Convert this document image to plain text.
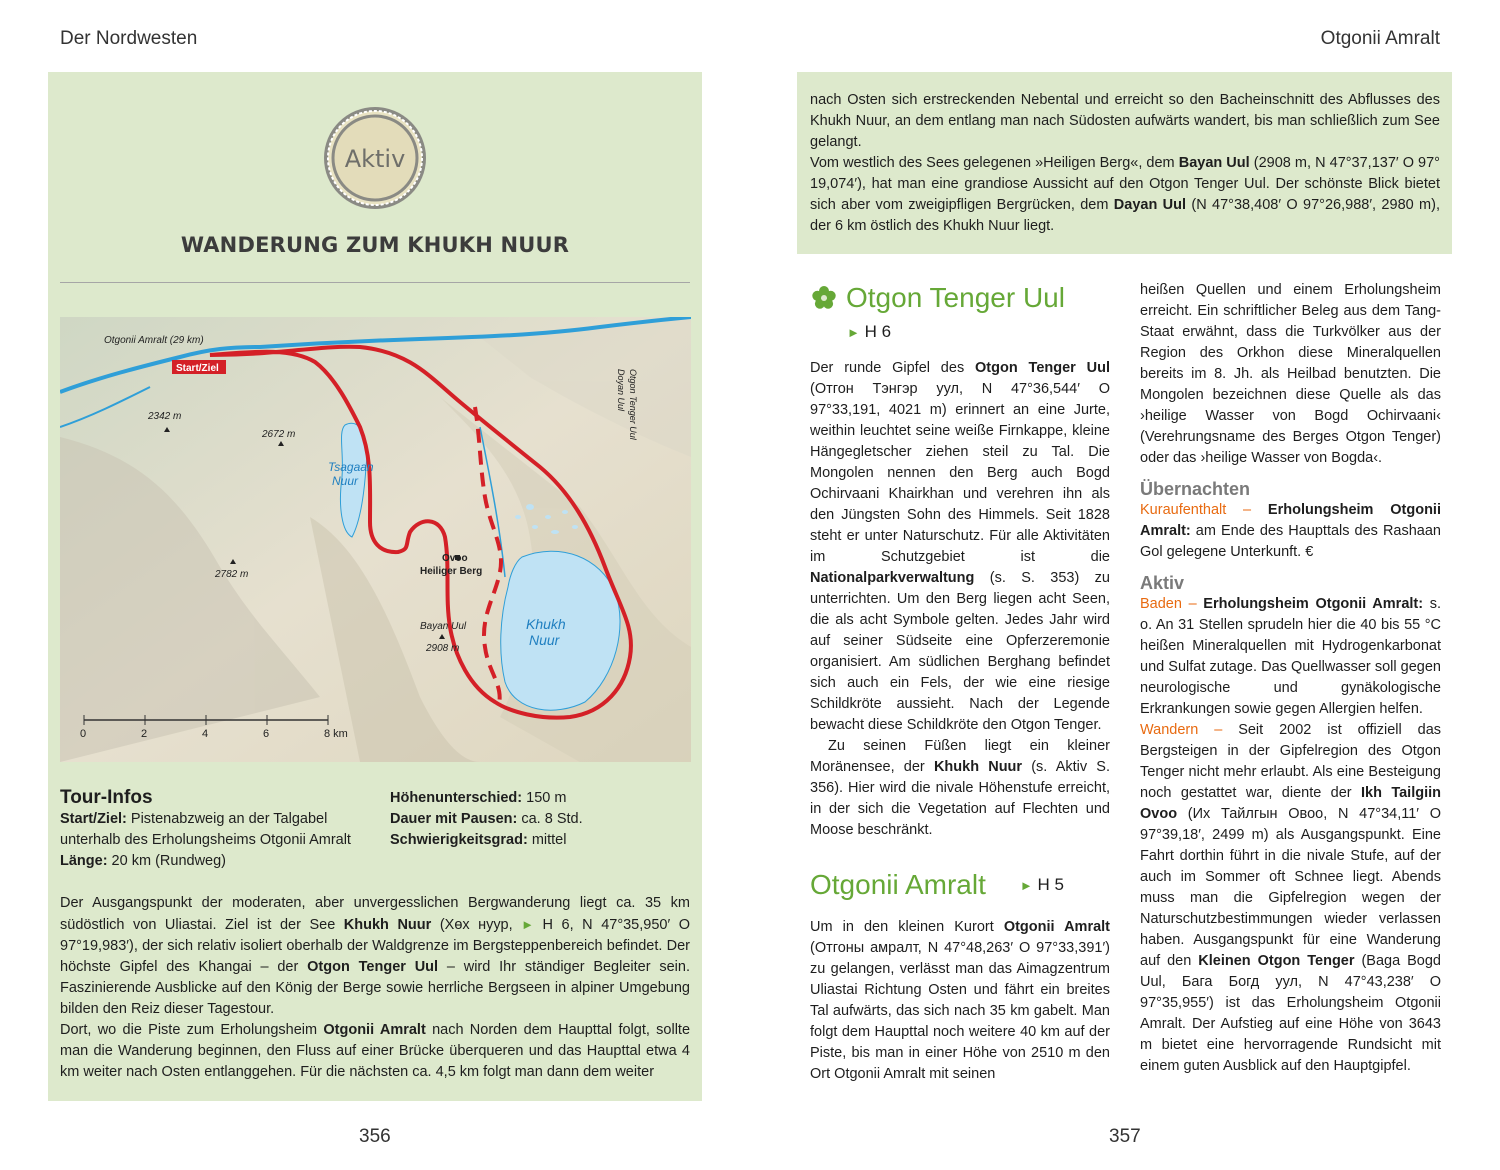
Der Nordwesten	Otgonii Amralt
Aktiv
WANDERUNG ZUM KHUKH NUUR
0	2	4	6	8 km
Otgonii Amralt (29 km)
2342 m
2672 m
2782 m
Bayan Uul
2908 m
Tsagaan
Nuur
Khukh
Nuur
Ovoo
Heiliger Berg
Otgon Tenger Uul
Doyan Uul
Start/Ziel
Tour-Infos
Start/Ziel: Pistenabzweig an der Talgabel
unterhalb des Erholungsheims Otgonii Amralt
Länge: 20 km (Rundweg)
Höhenunterschied: 150 m
Dauer mit Pausen: ca. 8 Std.
Schwierigkeitsgrad: mittel

Der Ausgangspunkt der moderaten, aber unvergesslichen Bergwanderung liegt ca. 35 km südöstlich von Uliastai. Ziel ist der See Khukh Nuur (Хөх нуур, ► H 6, N 47°35,950′ O 97°19,983′), der sich relativ isoliert oberhalb der Waldgrenze im Bergsteppenbereich befindet. Der höchste Gipfel des Khangai – der Otgon Tenger Uul – wird Ihr ständiger Begleiter sein. Faszinierende Ausblicke auf den König der Berge sowie herrliche Bergseen in alpiner Umgebung bilden den Reiz dieser Tagestour.

Dort, wo die Piste zum Erholungsheim Otgonii Amralt nach Norden dem Haupttal folgt, sollte man die Wanderung beginnen, den Fluss auf einer Brücke überqueren und das Haupttal etwa 4 km weiter nach Osten entlanggehen. Für die nächsten ca. 4,5 km folgt man dann dem weiter

356

nach Osten sich erstreckenden Nebental und erreicht so den Bacheinschnitt des Abflusses des Khukh Nuur, an dem entlang man nach Südosten aufwärts wandert, bis man schließlich zum See gelangt.

Vom westlich des Sees gelegenen »Heiligen Berg«, dem Bayan Uul (2908 m, N 47°37,137′ O 97° 19,074′), hat man eine grandiose Aussicht auf den Otgon Tenger Uul. Der schönste Blick bietet sich aber vom zweigipfligen Bergrücken, dem Dayan Uul (N 47°38,408′ O 97°26,988′, 2980 m), der 6 km östlich des Khukh Nuur liegt.

Otgon Tenger Uul
► H 6

Der runde Gipfel des Otgon Tenger Uul (Отгон Тэнгэр уул, N 47°36,544′ O 97°33,191, 4021 m) erinnert an eine Jurte, weithin leuchtet seine weiße Firnkappe, kleine Hängegletscher ziehen steil zu Tal. Die Mongolen nennen den Berg auch Bogd Ochirvaani Khairkhan und verehren ihn als den Jüngsten Sohn des Himmels. Seit 1828 steht er unter Naturschutz. Für alle Aktivitäten im Schutzgebiet ist die Nationalparkverwaltung (s. S. 353) zu unterrichten. Um den Berg liegen acht Seen, die als acht Symbole gelten. Jedes Jahr wird auf seiner Südseite eine Opferzeremonie organisiert. Am südlichen Berghang befindet sich auch ein Fels, der wie eine riesige Schildkröte aussieht. Nach der Legende bewacht diese Schildkröte den Otgon Tenger.

Zu seinen Füßen liegt ein kleiner Moränensee, der Khukh Nuur (s. Aktiv S. 356). Hier wird die nivale Höhenstufe erreicht, in der sich die Vegetation auf Flechten und Moose beschränkt.

Otgonii Amralt	► H 5

Um in den kleinen Kurort Otgonii Amralt (Отгоны амралт, N 47°48,263′ O 97°33,391′) zu gelangen, verlässt man das Aimagzentrum Uliastai Richtung Osten und fährt ein breites Tal aufwärts, das sich nach 35 km gabelt. Man folgt dem Haupttal noch weitere 40 km auf der Piste, bis man in einer Höhe von 2510 m den Ort Otgonii Amralt mit seinen

heißen Quellen und einem Erholungsheim erreicht. Ein schriftlicher Beleg aus dem Tang-Staat erwähnt, dass die Turkvölker aus der Region des Orkhon diese Mineralquellen bereits im 8. Jh. als Heilbad benutzten. Die Mongolen bezeichnen diese Quelle als das ›heilige Wasser von Bogd Ochirvaani‹ (Verehrungsname des Berges Otgon Tenger) oder das ›heilige Wasser von Bogda‹.

Übernachten

Kuraufenthalt – Erholungsheim Otgonii Amralt: am Ende des Haupttals des Rashaan Gol gelegene Unterkunft. €

Aktiv

Baden – Erholungsheim Otgonii Amralt: s. o. An 31 Stellen sprudeln hier die 40 bis 55 °C heißen Mineralquellen mit Hydrogenkarbonat und Sulfat zutage. Das Quellwasser soll gegen neurologische und gynäkologische Erkrankungen sowie gegen Allergien helfen.

Wandern – Seit 2002 ist offiziell das Bergsteigen in der Gipfelregion des Otgon Tenger nicht mehr erlaubt. Als eine Besteigung noch gestattet war, diente der Ikh Tailgiin Ovoo (Их Тайлгын Овоо, N 47°34,11′ O 97°39,18′, 2499 m) als Ausgangspunkt. Eine Fahrt dorthin führt in die nivale Stufe, auf der auch im Sommer oft Schnee liegt. Abends muss man die Gipfelregion wegen der Naturschutzbestimmungen wieder verlassen haben. Ausgangspunkt für eine Wanderung auf den Kleinen Otgon Tenger (Baga Bogd Uul, Бага Богд уул, N 47°43,238′ O 97°35,955′) ist das Erholungsheim Otgonii Amralt. Der Aufstieg auf eine Höhe von 3643 m bietet eine hervorragende Rundsicht mit einem guten Ausblick auf den Hauptgipfel.

357
